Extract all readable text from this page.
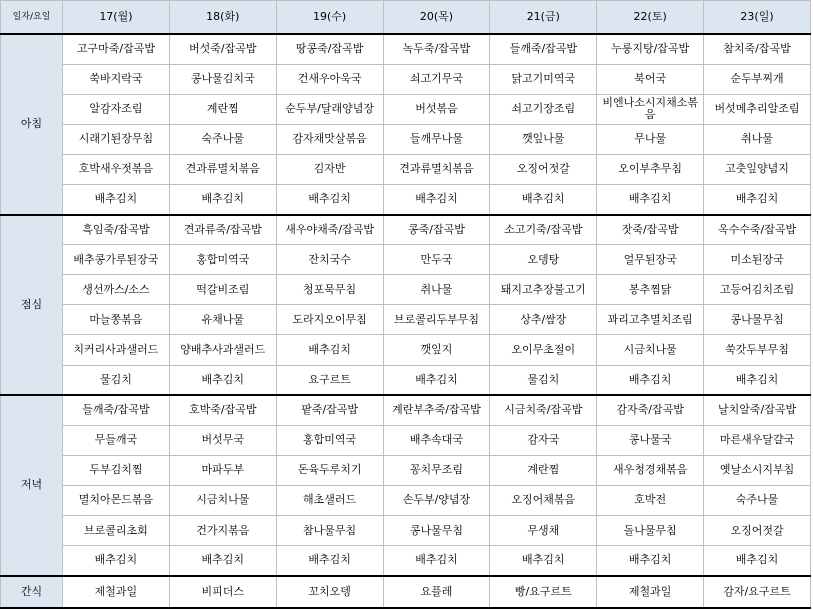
일자/요일	17(월)	18(화)	19(수)	20(목)	21(금)	22(토)	23(일)
아침	고구마죽/잡곡밥	버섯죽/잡곡밥	땅콩죽/잡곡밥	녹두죽/잡곡밥	들깨죽/잡곡밥	누룽지탕/잡곡밥	참치죽/잡곡밥
	쑥바지락국	콩나물김치국	건새우아욱국	쇠고기무국	닭고기미역국	북어국	순두부찌개
	알감자조림	계란찜	순두부/달래양념장	버섯볶음	쇠고기장조림	비엔나소시지채소볶음	버섯메추리알조림
	시래기된장무침	숙주나물	감자채맛살볶음	들깨무나물	깻잎나물	무나물	취나물
	호박새우젓볶음	견과류멸치볶음	김자반	견과류멸치볶음	오징어젓갈	오이부추무침	고춧잎양념지
	배추김치	배추김치	배추김치	배추김치	배추김치	배추김치	배추김치
점심	흑임죽/잡곡밥	견과류죽/잡곡밥	새우야채죽/잡곡밥	콩죽/잡곡밥	소고기죽/잡곡밥	잣죽/잡곡밥	옥수수죽/잡곡밥
	배추콩가루된장국	홍합미역국	잔치국수	만두국	오뎅탕	얼무된장국	미소된장국
	생선까스/소스	떡갈비조림	청포묵무침	취나물	돼지고추장불고기	봉추찜닭	고등어김치조림
	마늘쫑볶음	유채나물	도라지오이무침	브로콜리두부무침	상추/쌈장	꽈리고추멸치조림	콩나물무침
	치커리사과샐러드	양배추사과샐러드	배추김치	깻잎지	오이무초절이	시금치나물	쑥갓두부무침
	물김치	배추김치	요구르트	배추김치	물김치	배추김치	배추김치
저녁	들깨죽/잡곡밥	호박죽/잡곡밥	팥죽/잡곡밥	계란부추죽/잡곡밥	시금치죽/잡곡밥	감자죽/잡곡밥	날치알죽/잡곡밥
	무들깨국	버섯무국	홍합미역국	배추속대국	감자국	콩나물국	마른새우달걀국
	두부김치찜	마파두부	돈육두루치기	꽁치무조림	계란찜	새우청경채볶음	옛날소시지부침
	멸치아몬드볶음	시금치나물	해초샐러드	손두부/양념장	오징어채볶음	호박전	숙주나물
	브로콜리초회	건가지볶음	참나물무침	콩나물무침	무생채	돌나물무침	오징어젓갈
	배추김치	배추김치	배추김치	배추김치	배추김치	배추김치	배추김치
간식	제철과일	비피더스	꼬치오뎅	요플레	빵/요구르트	제철과일	감자/요구르트
